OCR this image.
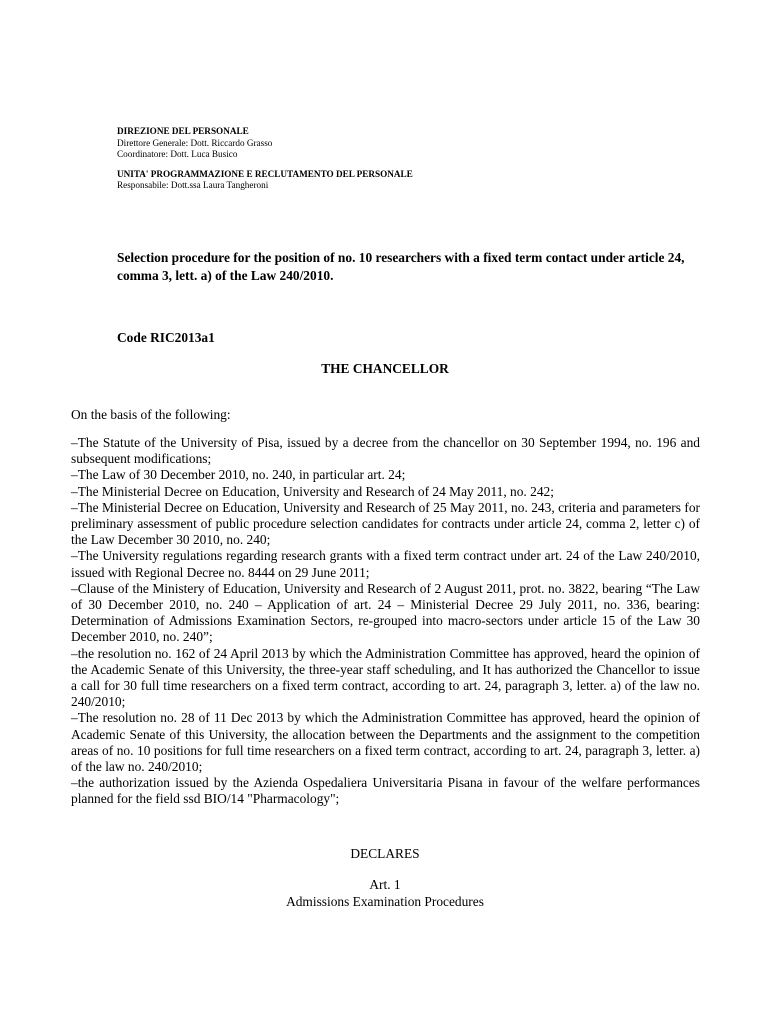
DIREZIONE DEL PERSONALE
Direttore Generale: Dott. Riccardo Grasso
Coordinatore: Dott. Luca Busico
UNITA' PROGRAMMAZIONE E RECLUTAMENTO DEL PERSONALE
Responsabile: Dott.ssa Laura Tangheroni
Selection procedure for the position of no. 10 researchers with a fixed term contact under article 24, comma 3, lett. a) of the Law 240/2010.
Code RIC2013a1
THE CHANCELLOR
On the basis of the following:

–The Statute of the University of Pisa, issued by a decree from the chancellor on 30 September 1994, no. 196 and subsequent modifications;

–The Law of 30 December 2010, no. 240, in particular art. 24;

–The Ministerial Decree on Education, University and Research of 24 May 2011, no. 242;

–The Ministerial Decree on Education, University and Research of 25 May 2011, no. 243, criteria and parameters for preliminary assessment of public procedure selection candidates for contracts under article 24, comma 2, letter c) of the Law December 30 2010, no. 240;

–The University regulations regarding research grants with a fixed term contract under art. 24 of the Law 240/2010, issued with Regional Decree no. 8444 on 29 June 2011;

–Clause of the Ministery of Education, University and Research of 2 August 2011, prot. no. 3822, bearing “The Law of 30 December 2010, no. 240 – Application of art. 24 – Ministerial Decree 29 July 2011, no. 336, bearing: Determination of Admissions Examination Sectors, re-grouped into macro-sectors under article 15 of the Law 30 December 2010, no. 240”;

–the resolution no. 162 of 24 April 2013 by which the Administration Committee has approved, heard the opinion of the Academic Senate of this University, the three-year staff scheduling, and It has authorized the Chancellor to issue a call for 30 full time researchers on a fixed term contract, according to art. 24, paragraph 3, letter. a) of the law no. 240/2010;

–The resolution no. 28 of 11 Dec 2013 by which the Administration Committee has approved, heard the opinion of Academic Senate of this University, the allocation between the Departments and the assignment to the competition areas of no. 10 positions for full time researchers on a fixed term contract, according to art. 24, paragraph 3, letter. a) of the law no. 240/2010;

–the authorization issued by the Azienda Ospedaliera Universitaria Pisana in favour of the welfare performances planned for the field ssd BIO/14 "Pharmacology";

DECLARES
Art. 1
Admissions Examination Procedures
